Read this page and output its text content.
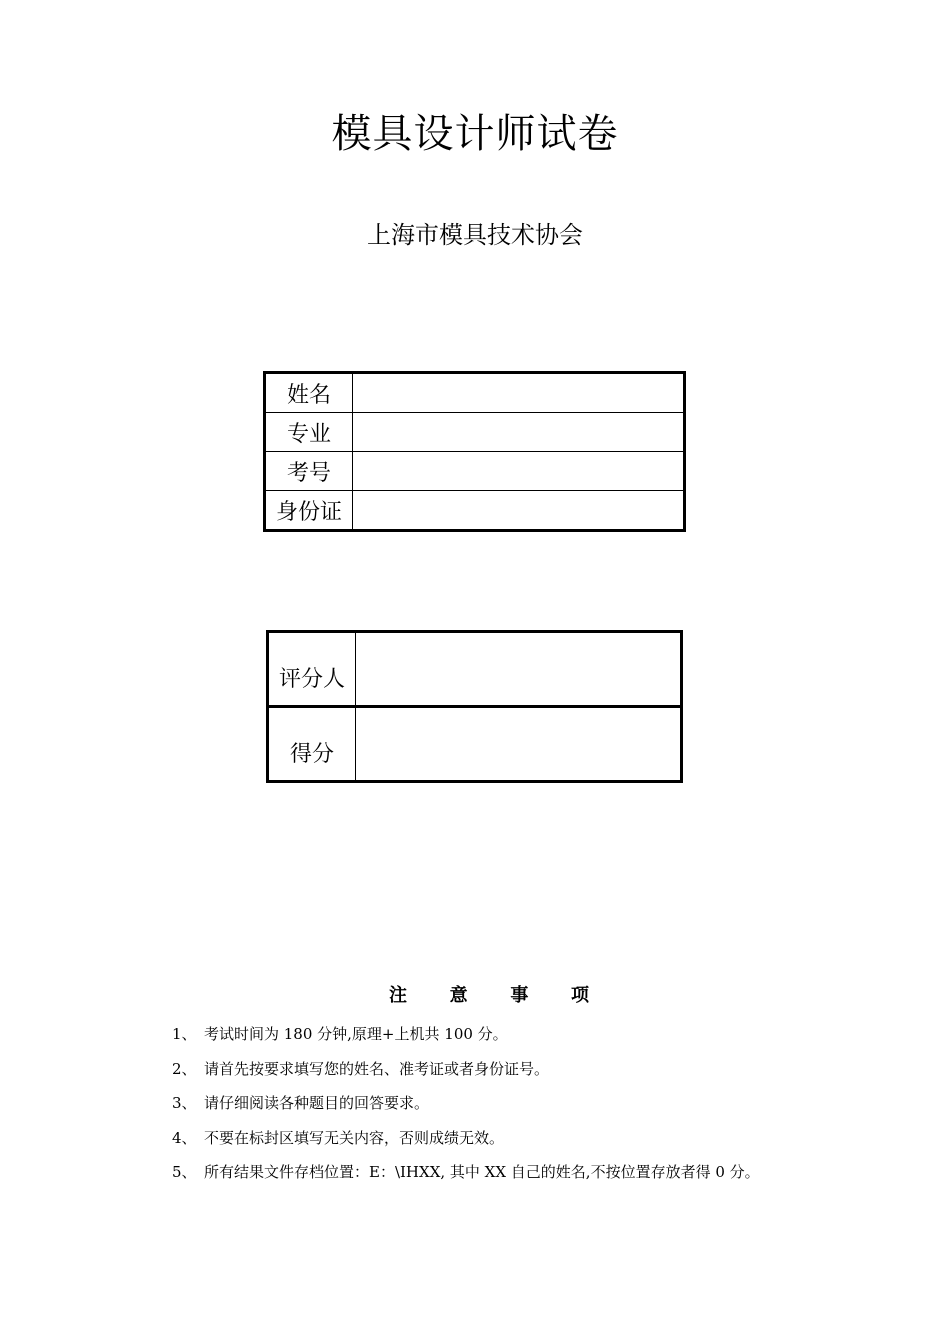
模具设计师试卷
上海市模具技术协会
姓名	
专业	
考号	
身份证	
评分人	
得分	
注 意 事 项
1、 考试时间为 180 分钟,原理+上机共 100 分。
2、 请首先按要求填写您的姓名、准考证或者身份证号。
3、 请仔细阅读各种题目的回答要求。
4、 不要在标封区填写无关内容，否则成绩无效。
5、 所有结果文件存档位置：E：\IHXX, 其中 XX 自己的姓名,不按位置存放者得 0 分。
